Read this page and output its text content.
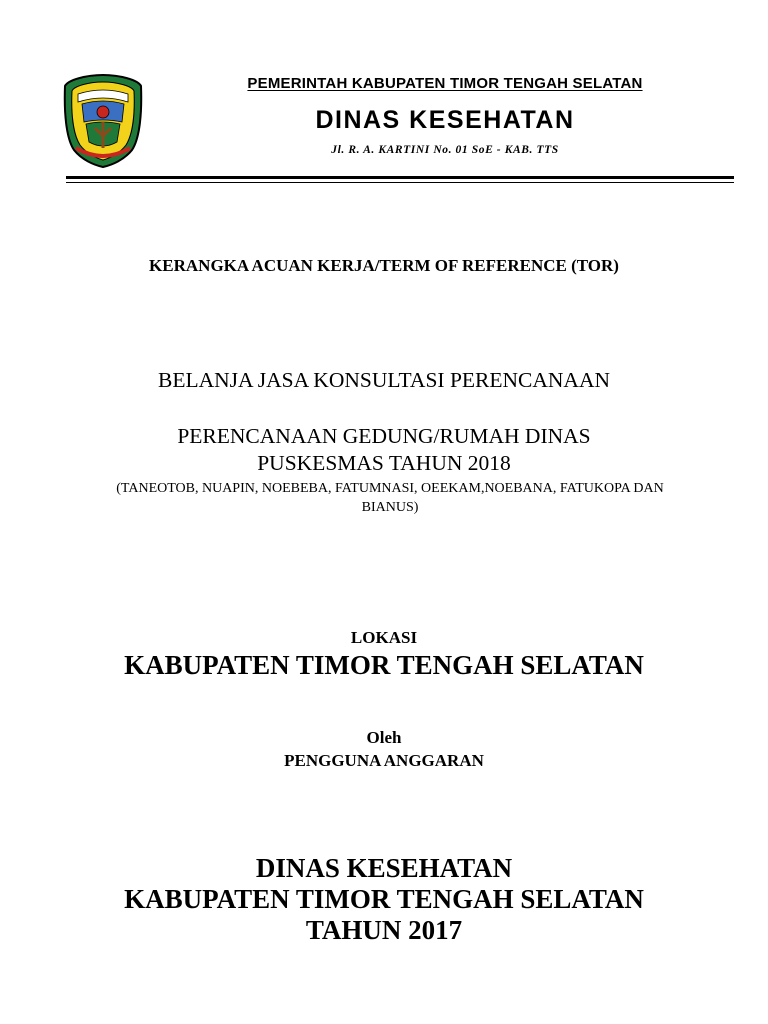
PEMERINTAH KABUPATEN TIMOR TENGAH SELATAN
DINAS KESEHATAN
Jl. R. A. KARTINI No. 01 SoE - KAB. TTS
KERANGKA ACUAN KERJA/TERM OF REFERENCE (TOR)
BELANJA JASA KONSULTASI PERENCANAAN
PERENCANAAN GEDUNG/RUMAH DINAS
PUSKESMAS TAHUN 2018
(TANEOTOB, NUAPIN, NOEBEBA, FATUMNASI, OEEKAM,NOEBANA, FATUKOPA DAN BIANUS)
LOKASI
KABUPATEN TIMOR TENGAH SELATAN
Oleh
PENGGUNA ANGGARAN
DINAS KESEHATAN
KABUPATEN TIMOR TENGAH SELATAN
TAHUN 2017
